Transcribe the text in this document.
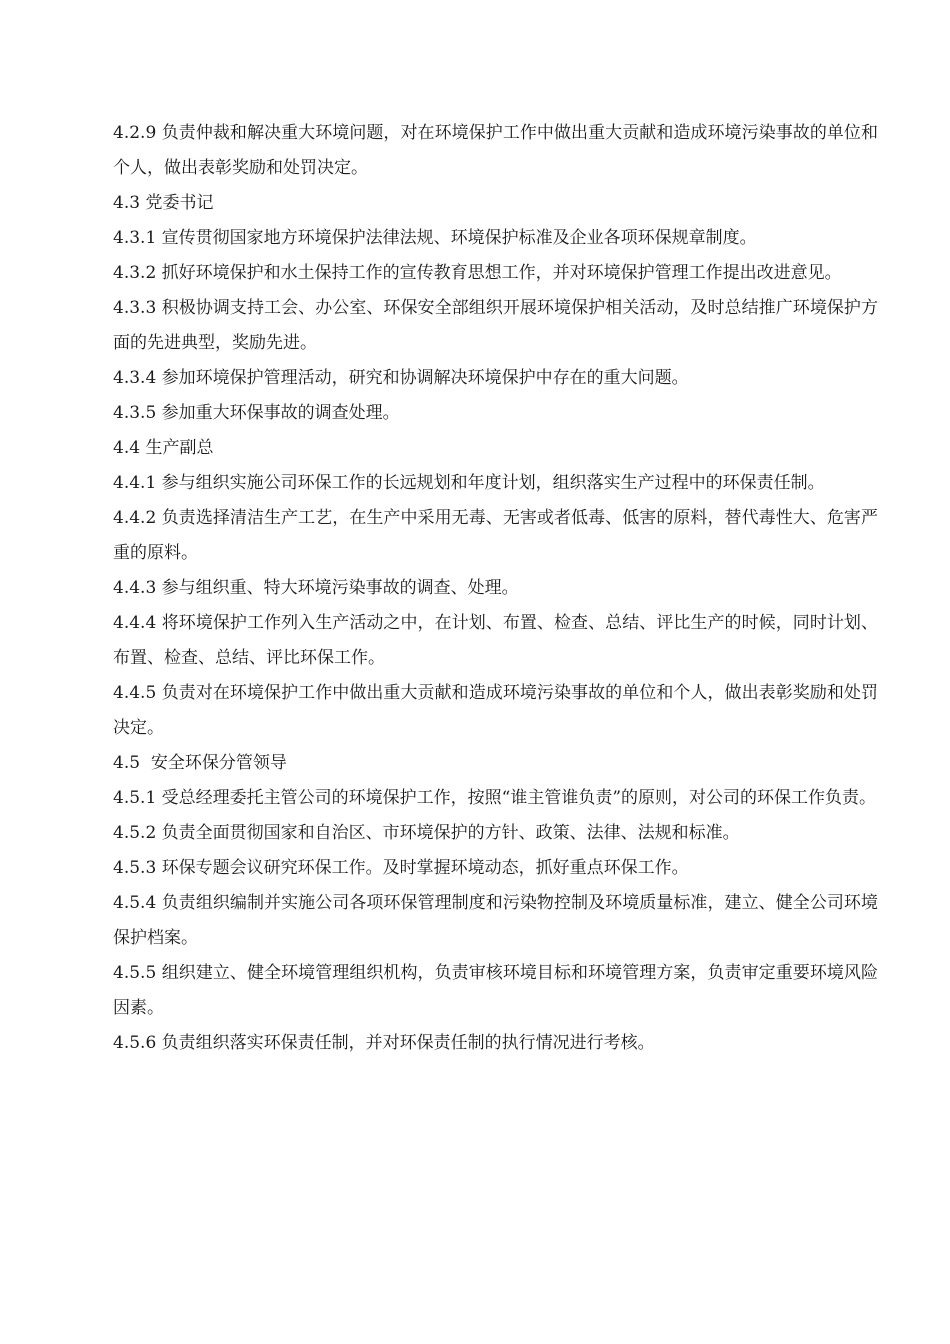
4.2.9 负责仲裁和解决重大环境问题，对在环境保护工作中做出重大贡献和造成环境污染事故的单位和个人，做出表彰奖励和处罚决定。

4.3 党委书记

4.3.1 宣传贯彻国家地方环境保护法律法规、环境保护标准及企业各项环保规章制度。

4.3.2 抓好环境保护和水土保持工作的宣传教育思想工作，并对环境保护管理工作提出改进意见。

4.3.3 积极协调支持工会、办公室、环保安全部组织开展环境保护相关活动，及时总结推广环境保护方面的先进典型，奖励先进。

4.3.4 参加环境保护管理活动，研究和协调解决环境保护中存在的重大问题。

4.3.5 参加重大环保事故的调查处理。

4.4 生产副总

4.4.1 参与组织实施公司环保工作的长远规划和年度计划，组织落实生产过程中的环保责任制。

4.4.2 负责选择清洁生产工艺，在生产中采用无毒、无害或者低毒、低害的原料，替代毒性大、危害严重的原料。

4.4.3 参与组织重、特大环境污染事故的调查、处理。

4.4.4 将环境保护工作列入生产活动之中，在计划、布置、检查、总结、评比生产的时候，同时计划、布置、检查、总结、评比环保工作。

4.4.5 负责对在环境保护工作中做出重大贡献和造成环境污染事故的单位和个人，做出表彰奖励和处罚决定。

4.5  安全环保分管领导

4.5.1 受总经理委托主管公司的环境保护工作，按照“谁主管谁负责”的原则，对公司的环保工作负责。

4.5.2 负责全面贯彻国家和自治区、市环境保护的方针、政策、法律、法规和标准。

4.5.3 环保专题会议研究环保工作。及时掌握环境动态，抓好重点环保工作。

4.5.4 负责组织编制并实施公司各项环保管理制度和污染物控制及环境质量标准，建立、健全公司环境保护档案。

4.5.5 组织建立、健全环境管理组织机构，负责审核环境目标和环境管理方案，负责审定重要环境风险因素。

4.5.6 负责组织落实环保责任制，并对环保责任制的执行情况进行考核。
